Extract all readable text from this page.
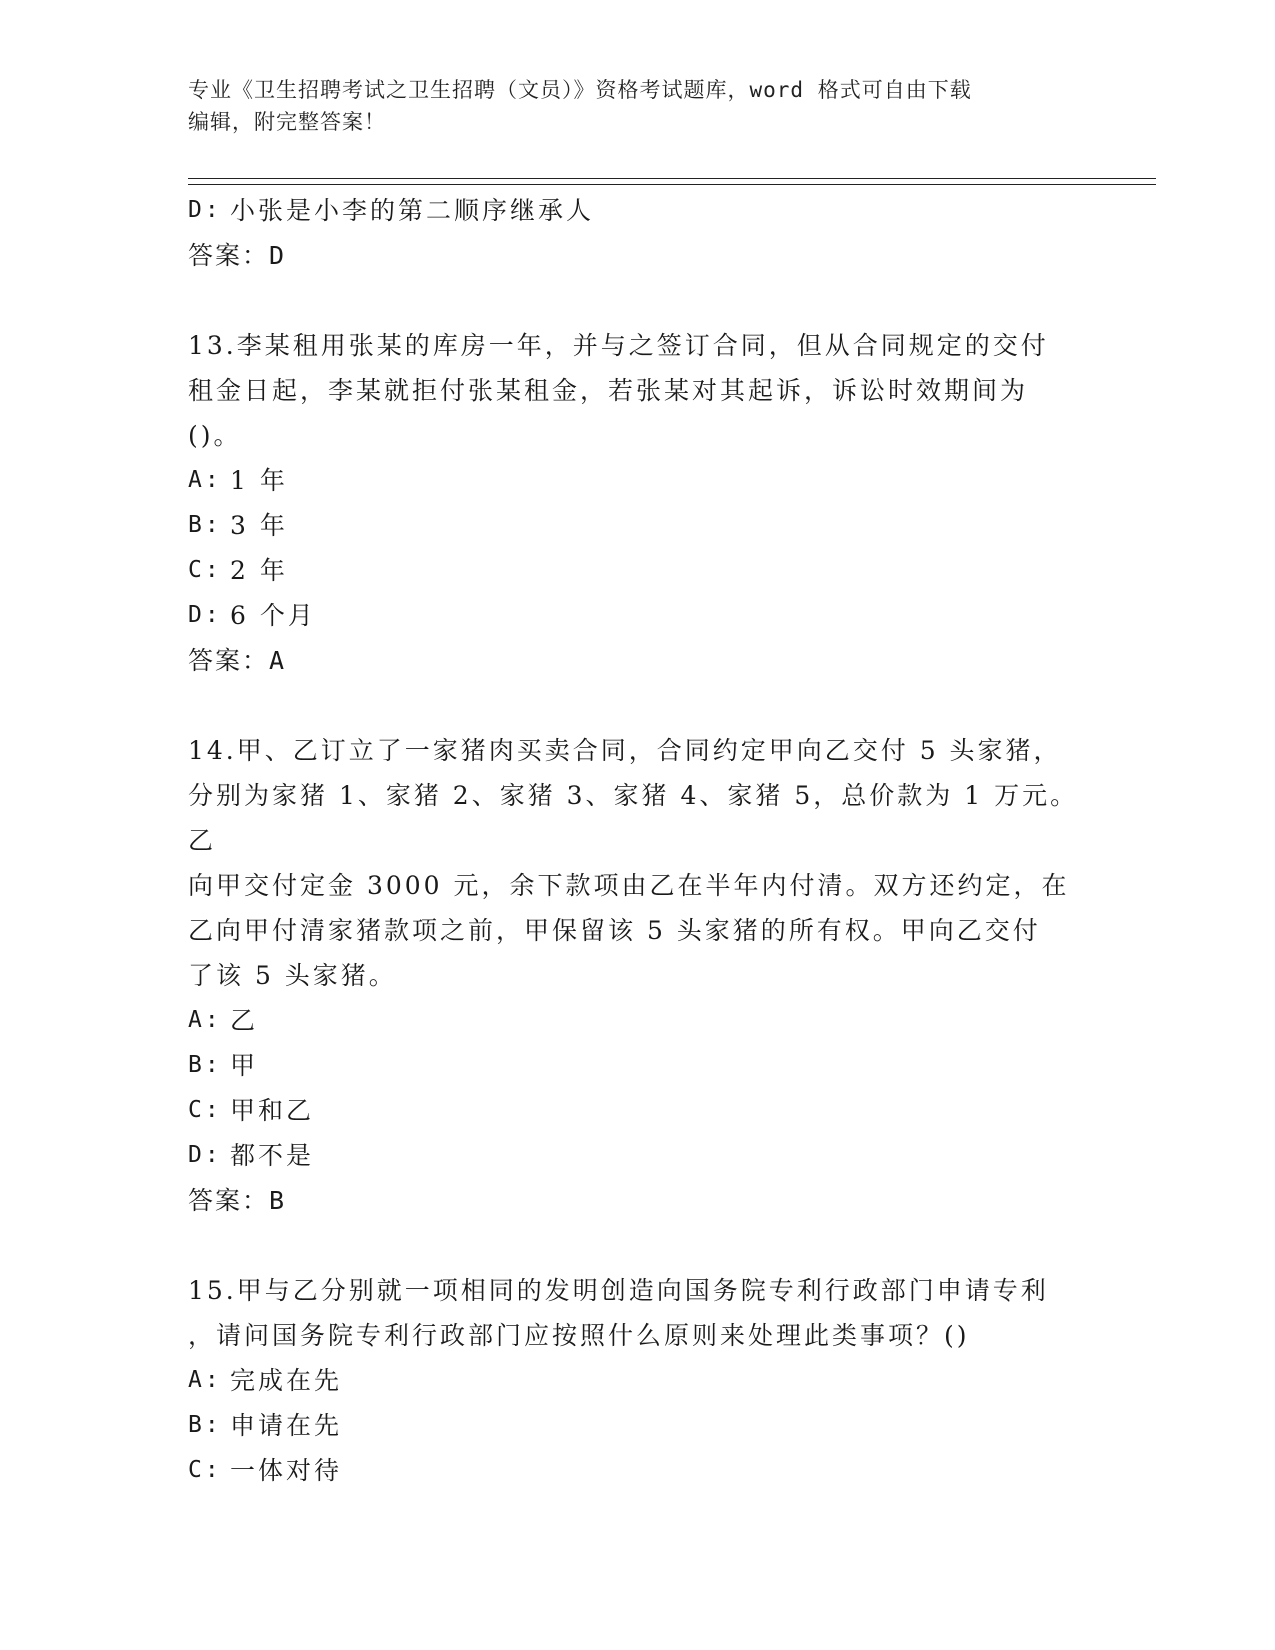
专业《卫生招聘考试之卫生招聘（文员）》资格考试题库，word 格式可自由下载
编辑，附完整答案！
D: 小张是小李的第二顺序继承人
答案：D

13.李某租用张某的库房一年，并与之签订合同，但从合同规定的交付

租金日起，李某就拒付张某租金，若张某对其起诉，诉讼时效期间为

()。

A: 1 年
B: 3 年
C: 2 年
D: 6 个月
答案：A

14.甲、乙订立了一家猪肉买卖合同，合同约定甲向乙交付 5 头家猪，

分别为家猪 1、家猪 2、家猪 3、家猪 4、家猪 5，总价款为 1 万元。乙

向甲交付定金 3000 元，余下款项由乙在半年内付清。双方还约定，在

乙向甲付清家猪款项之前，甲保留该 5 头家猪的所有权。甲向乙交付

了该 5 头家猪。

A: 乙
B: 甲
C: 甲和乙
D: 都不是
答案：B

15.甲与乙分别就一项相同的发明创造向国务院专利行政部门申请专利

，请问国务院专利行政部门应按照什么原则来处理此类事项？()

A: 完成在先
B: 申请在先
C: 一体对待
